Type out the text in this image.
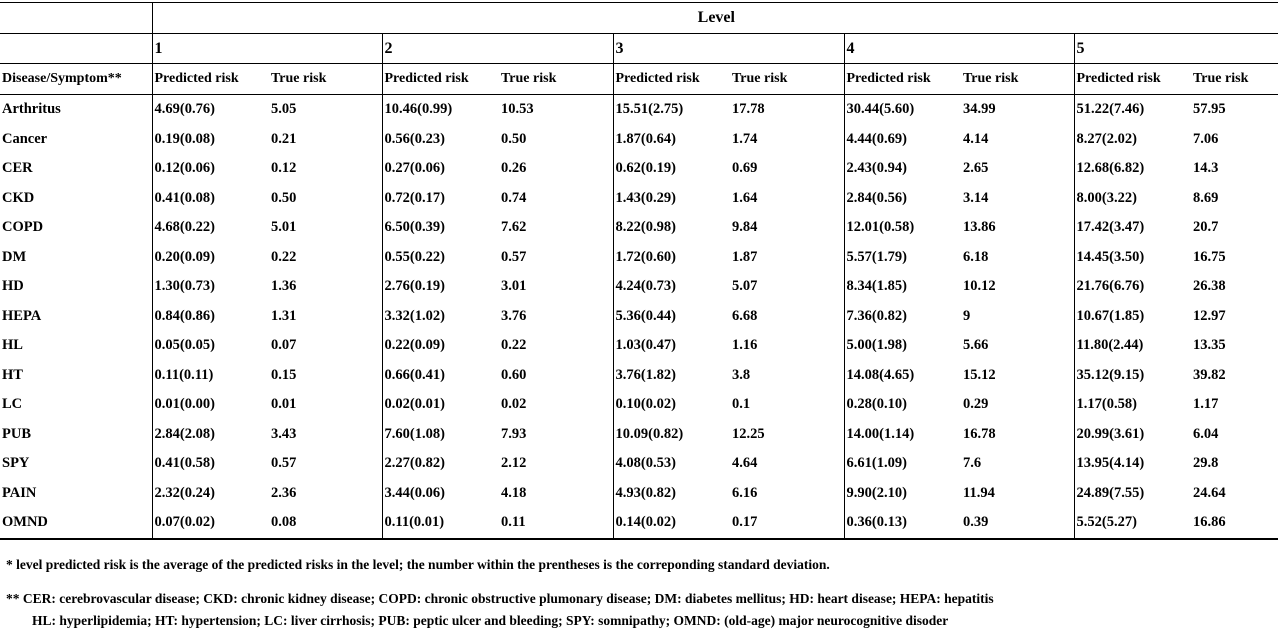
	Level									
	1		2		3		4		5	
Disease/Symptom**	Predicted risk	True risk	Predicted risk	True risk	Predicted risk	True risk	Predicted risk	True risk	Predicted risk	True risk
Arthritus	4.69(0.76)	5.05	10.46(0.99)	10.53	15.51(2.75)	17.78	30.44(5.60)	34.99	51.22(7.46)	57.95
Cancer	0.19(0.08)	0.21	0.56(0.23)	0.50	1.87(0.64)	1.74	4.44(0.69)	4.14	8.27(2.02)	7.06
CER	0.12(0.06)	0.12	0.27(0.06)	0.26	0.62(0.19)	0.69	2.43(0.94)	2.65	12.68(6.82)	14.3
CKD	0.41(0.08)	0.50	0.72(0.17)	0.74	1.43(0.29)	1.64	2.84(0.56)	3.14	8.00(3.22)	8.69
COPD	4.68(0.22)	5.01	6.50(0.39)	7.62	8.22(0.98)	9.84	12.01(0.58)	13.86	17.42(3.47)	20.7
DM	0.20(0.09)	0.22	0.55(0.22)	0.57	1.72(0.60)	1.87	5.57(1.79)	6.18	14.45(3.50)	16.75
HD	1.30(0.73)	1.36	2.76(0.19)	3.01	4.24(0.73)	5.07	8.34(1.85)	10.12	21.76(6.76)	26.38
HEPA	0.84(0.86)	1.31	3.32(1.02)	3.76	5.36(0.44)	6.68	7.36(0.82)	9	10.67(1.85)	12.97
HL	0.05(0.05)	0.07	0.22(0.09)	0.22	1.03(0.47)	1.16	5.00(1.98)	5.66	11.80(2.44)	13.35
HT	0.11(0.11)	0.15	0.66(0.41)	0.60	3.76(1.82)	3.8	14.08(4.65)	15.12	35.12(9.15)	39.82
LC	0.01(0.00)	0.01	0.02(0.01)	0.02	0.10(0.02)	0.1	0.28(0.10)	0.29	1.17(0.58)	1.17
PUB	2.84(2.08)	3.43	7.60(1.08)	7.93	10.09(0.82)	12.25	14.00(1.14)	16.78	20.99(3.61)	6.04
SPY	0.41(0.58)	0.57	2.27(0.82)	2.12	4.08(0.53)	4.64	6.61(1.09)	7.6	13.95(4.14)	29.8
PAIN	2.32(0.24)	2.36	3.44(0.06)	4.18	4.93(0.82)	6.16	9.90(2.10)	11.94	24.89(7.55)	24.64
OMND	0.07(0.02)	0.08	0.11(0.01)	0.11	0.14(0.02)	0.17	0.36(0.13)	0.39	5.52(5.27)	16.86
* level predicted risk is the average of the predicted risks in the level; the number within the prentheses is the correponding standard deviation.
** CER: cerebrovascular disease; CKD: chronic kidney disease; COPD: chronic obstructive plumonary disease; DM: diabetes mellitus; HD: heart disease; HEPA: hepatitis
HL: hyperlipidemia; HT: hypertension; LC: liver cirrhosis; PUB: peptic ulcer and bleeding; SPY: somnipathy; OMND: (old-age) major neurocognitive disoder
